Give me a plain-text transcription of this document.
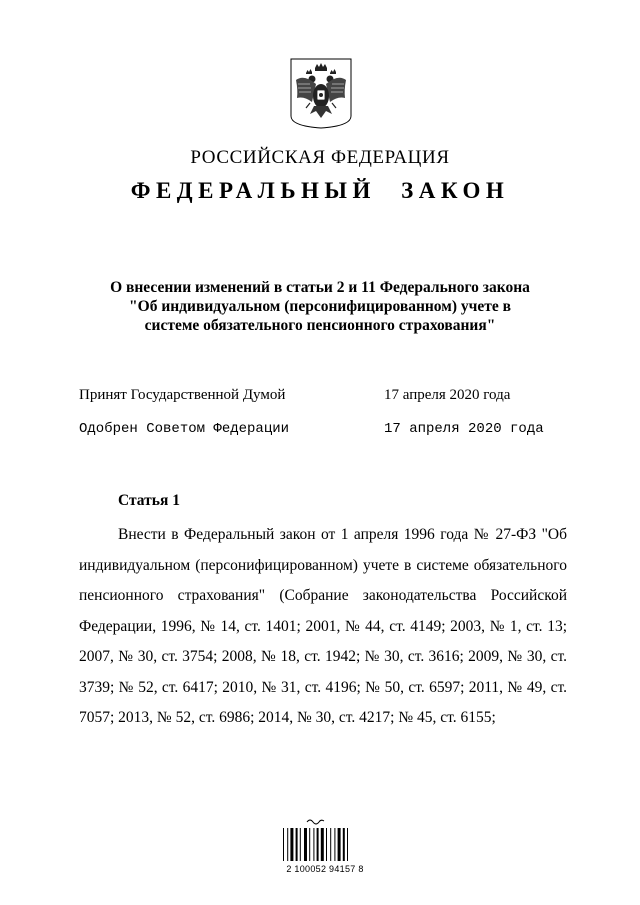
РОССИЙСКАЯ ФЕДЕРАЦИЯ
ФЕДЕРАЛЬНЫЙ ЗАКОН
О внесении изменений в статьи 2 и 11 Федерального закона
"Об индивидуальном (персонифицированном) учете в
системе обязательного пенсионного страхования"
Принят Государственной Думой	17 апреля 2020 года
Одобрен Советом Федерации	17 апреля 2020 года
Статья 1

Внести в Федеральный закон от 1 апреля 1996 года № 27-ФЗ "Об индивидуальном (персонифицированном) учете в системе обязательного пенсионного страхования" (Собрание законодательства Российской Федерации, 1996, № 14, ст. 1401; 2001, № 44, ст. 4149; 2003, № 1, ст. 13; 2007, № 30, ст. 3754; 2008, № 18, ст. 1942; № 30, ст. 3616; 2009, № 30, ст. 3739; № 52, ст. 6417; 2010, № 31, ст. 4196; № 50, ст. 6597; 2011, № 49, ст. 7057; 2013, № 52, ст. 6986; 2014, № 30, ст. 4217; № 45, ст. 6155;

2 100052 94157 8
